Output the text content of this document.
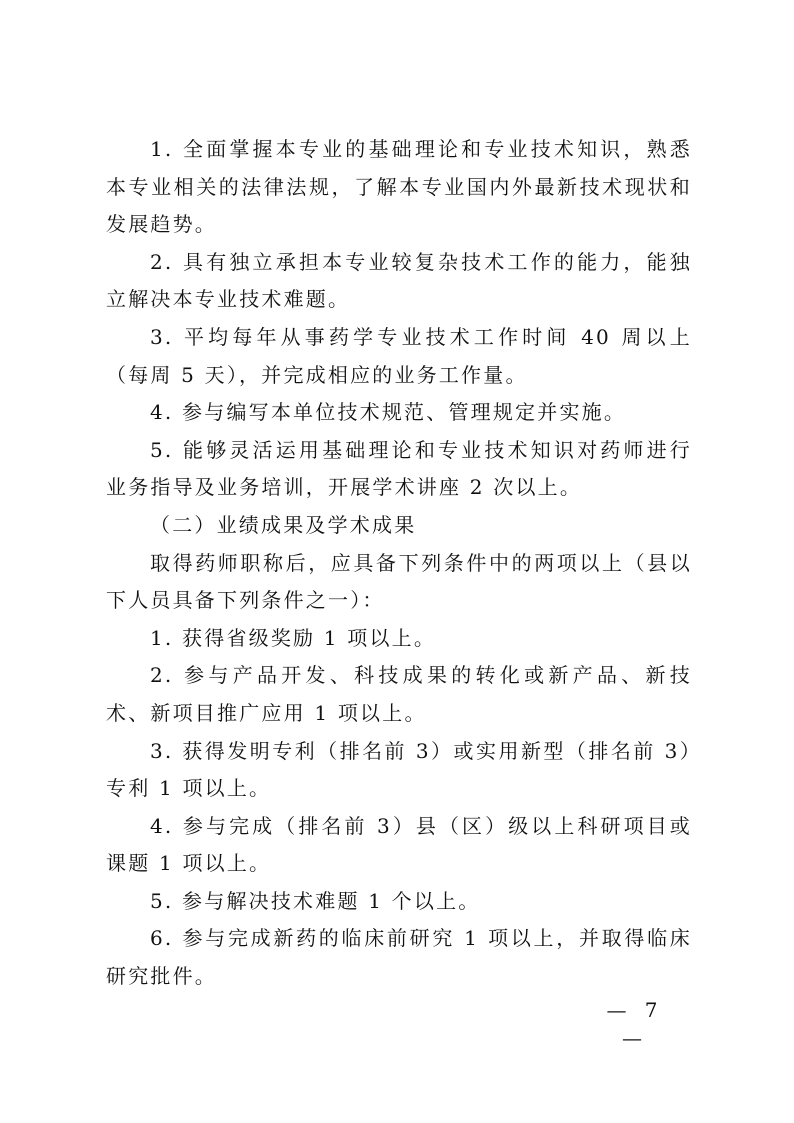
1. 全面掌握本专业的基础理论和专业技术知识，熟悉本专业相关的法律法规，了解本专业国内外最新技术现状和发展趋势。

2. 具有独立承担本专业较复杂技术工作的能力，能独立解决本专业技术难题。

3. 平均每年从事药学专业技术工作时间 40 周以上（每周 5 天），并完成相应的业务工作量。

4. 参与编写本单位技术规范、管理规定并实施。

5. 能够灵活运用基础理论和专业技术知识对药师进行业务指导及业务培训，开展学术讲座 2 次以上。

（二）业绩成果及学术成果

取得药师职称后，应具备下列条件中的两项以上（县以下人员具备下列条件之一）：

1. 获得省级奖励 1 项以上。

2. 参与产品开发、科技成果的转化或新产品、新技术、新项目推广应用 1 项以上。

3. 获得发明专利（排名前 3）或实用新型（排名前 3）专利 1 项以上。

4. 参与完成（排名前 3）县（区）级以上科研项目或课题 1 项以上。

5. 参与解决技术难题 1 个以上。

6. 参与完成新药的临床前研究 1 项以上，并取得临床研究批件。

— 7 —
